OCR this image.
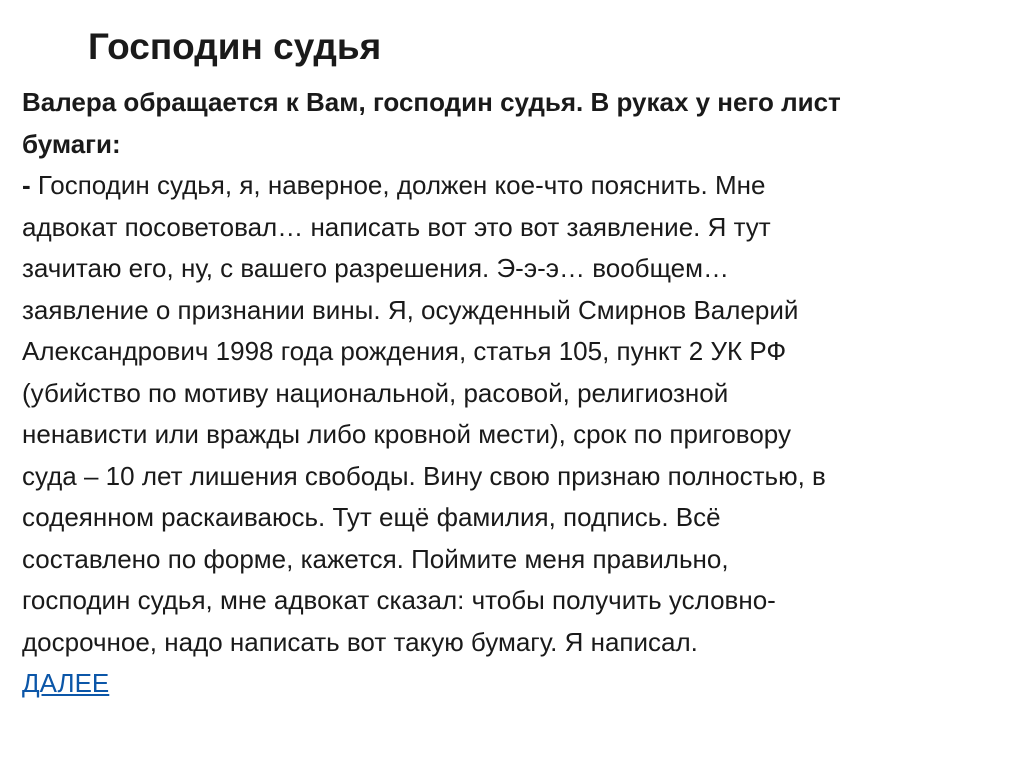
Господин судья
Валера обращается к Вам, господин судья. В руках у него лист
бумаги:
- Господин судья, я, наверное, должен кое-что пояснить. Мне
адвокат посоветовал… написать вот это вот заявление. Я тут
зачитаю его, ну, с вашего разрешения. Э-э-э… вообщем…
заявление о признании вины. Я, осужденный Смирнов Валерий
Александрович 1998 года рождения, статья 105, пункт 2 УК РФ
(убийство по мотиву национальной, расовой, религиозной
ненависти или вражды либо кровной мести), срок по приговору
суда – 10 лет лишения свободы. Вину свою признаю полностью, в
содеянном раскаиваюсь. Тут ещё фамилия, подпись. Всё
составлено по форме, кажется. Поймите меня правильно,
господин судья, мне адвокат сказал: чтобы получить условно-
досрочное, надо написать вот такую бумагу. Я написал.
ДАЛЕЕ
